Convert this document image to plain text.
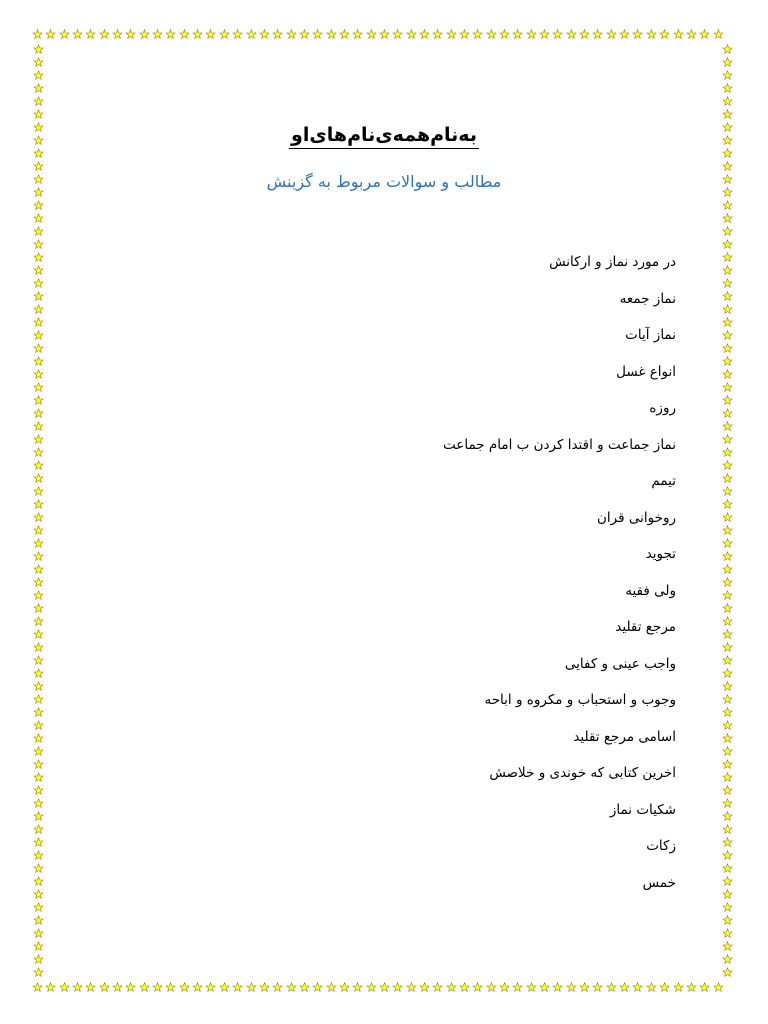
به‌نام‌همه‌ی‌نام‌های‌او
مطالب و سوالات مربوط به گزینش
در مورد نماز و ارکانش
نماز جمعه
نماز آیات
انواع غسل
روزه
نماز جماعت و اقتدا کردن ب امام جماعت
تیمم
روخوانی قران
تجوید
ولی فقیه
مرجع تقلید
واجب عینی و کفایی
وجوب و استحباب و مکروه و اباحه
اسامی مرجع تقلید
اخرین کتابی که خوندی و خلاصش
شکیات نماز
زکات
خمس
